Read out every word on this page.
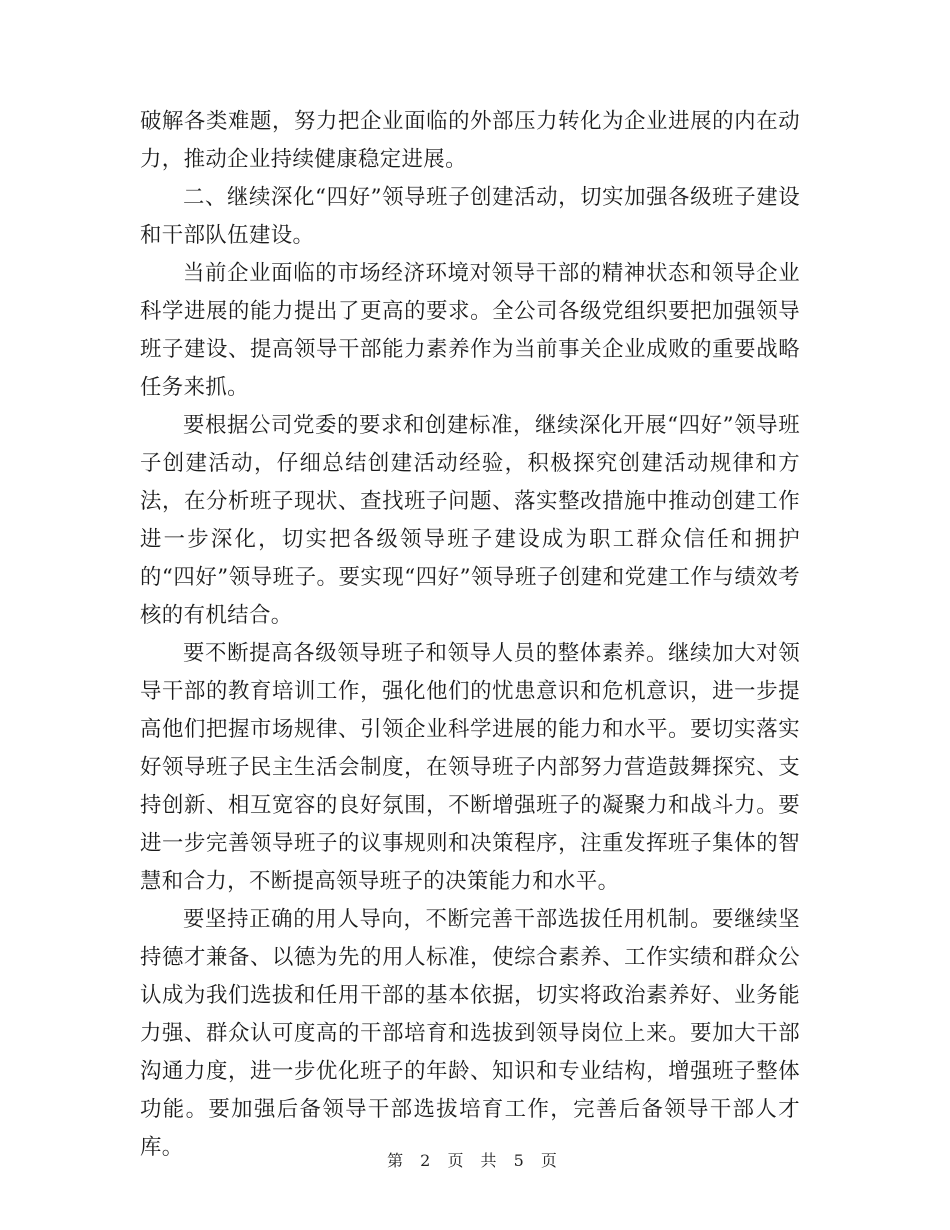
破解各类难题，努力把企业面临的外部压力转化为企业进展的内在动力，推动企业持续健康稳定进展。

二、继续深化“四好”领导班子创建活动，切实加强各级班子建设和干部队伍建设。

当前企业面临的市场经济环境对领导干部的精神状态和领导企业科学进展的能力提出了更高的要求。全公司各级党组织要把加强领导班子建设、提高领导干部能力素养作为当前事关企业成败的重要战略任务来抓。

要根据公司党委的要求和创建标准，继续深化开展“四好”领导班子创建活动，仔细总结创建活动经验，积极探究创建活动规律和方法，在分析班子现状、查找班子问题、落实整改措施中推动创建工作进一步深化，切实把各级领导班子建设成为职工群众信任和拥护的“四好”领导班子。要实现“四好”领导班子创建和党建工作与绩效考核的有机结合。

要不断提高各级领导班子和领导人员的整体素养。继续加大对领导干部的教育培训工作，强化他们的忧患意识和危机意识，进一步提高他们把握市场规律、引领企业科学进展的能力和水平。要切实落实好领导班子民主生活会制度，在领导班子内部努力营造鼓舞探究、支持创新、相互宽容的良好氛围，不断增强班子的凝聚力和战斗力。要进一步完善领导班子的议事规则和决策程序，注重发挥班子集体的智慧和合力，不断提高领导班子的决策能力和水平。

要坚持正确的用人导向，不断完善干部选拔任用机制。要继续坚持德才兼备、以德为先的用人标准，使综合素养、工作实绩和群众公认成为我们选拔和任用干部的基本依据，切实将政治素养好、业务能力强、群众认可度高的干部培育和选拔到领导岗位上来。要加大干部沟通力度，进一步优化班子的年龄、知识和专业结构，增强班子整体功能。要加强后备领导干部选拔培育工作，完善后备领导干部人才库。

第 2 页 共 5 页
